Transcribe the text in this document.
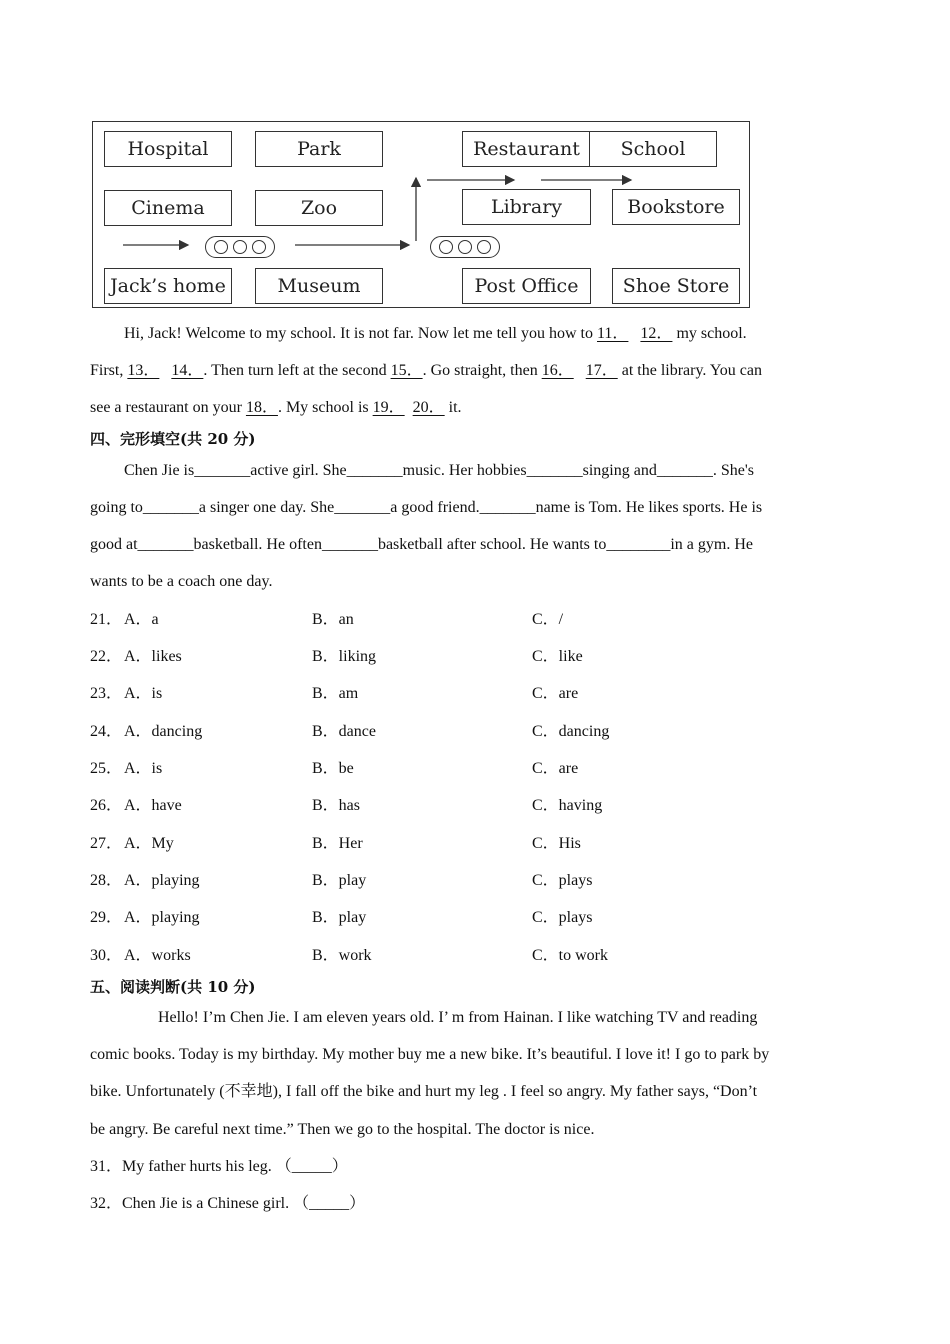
Hospital	Park	Restaurant	School
Cinema	Zoo	Library	Bookstore
Jack’s home	Museum	Post Office	Shoe Store
Hi, Jack! Welcome to my school. It is not far. Now let me tell you how to 11． 12． my school.
First, 13． 14．. Then turn left at the second 15．. Go straight, then 16． 17． at the library. You can
see a restaurant on your 18．. My school is 19． 20． it.
四、完形填空(共 20 分)
Chen Jie is_______active girl. She_______music. Her hobbies_______singing and_______. She's
going to_______a singer one day. She_______a good friend._______name is Tom. He likes sports. He is
good at_______basketball. He often_______basketball after school. He wants to________in a gym. He
wants to be a coach one day.
21． A．a	B．an	C．/
22． A．likes	B．liking	C．like
23． A．is	B．am	C．are
24． A．dancing	B．dance	C．dancing
25． A．is	B．be	C．are
26． A．have	B．has	C．having
27． A．My	B．Her	C．His
28． A．playing	B．play	C．plays
29． A．playing	B．play	C．plays
30． A．works	B．work	C．to work
五、阅读判断(共 10 分)
Hello! I’m Chen Jie. I am eleven years old. I’ m from Hainan. I like watching TV and reading
comic books. Today is my birthday. My mother buy me a new bike. It’s beautiful. I love it! I go to park by
bike. Unfortunately (不幸地), I fall off the bike and hurt my leg . I feel so angry. My father says, “Don’t
be angry. Be careful next time.” Then we go to the hospital. The doctor is nice.
31．My father hurts his leg. （_____）
32．Chen Jie is a Chinese girl. （_____）
